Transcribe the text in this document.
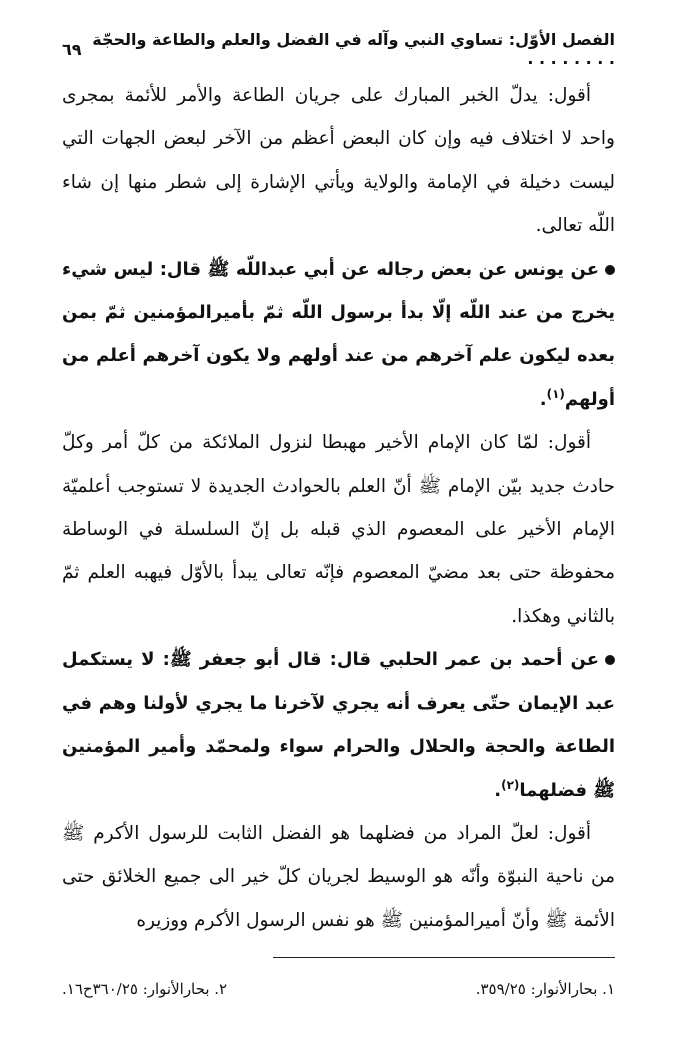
الفصل الأوّل: تساوي النبي وآله في الفضل والعلم والطاعة والحجّة . . . . . . . .
٦٩

أقول: يدلّ الخبر المبارك على جريان الطاعة والأمر للأئمة بمجرى واحد لا اختلاف فيه وإن كان البعض أعظم من الآخر لبعض الجهات التي ليست دخيلة في الإمامة والولاية ويأتي الإشارة إلى شطر منها إن شاء اللّه تعالى.

عن يونس عن بعض رجاله عن أبي عبداللّه ﷺ قال: ليس شيء يخرج من عند اللّه إلّا بدأ برسول اللّه ثمّ بأميرالمؤمنين ثمّ بمن بعده ليكون علم آخرهم من عند أولهم ولا يكون آخرهم أعلم من أولهم$^{(١)}$.

أقول: لمّا كان الإمام الأخير مهبطا لنزول الملائكة من كلّ أمر وكلّ حادث جديد بيّن الإمام ﷺ أنّ العلم بالحوادث الجديدة لا تستوجب أعلميّة الإمام الأخير على المعصوم الذي قبله بل إنّ السلسلة في الوساطة محفوظة حتى بعد مضيّ المعصوم فإنّه تعالى يبدأ بالأوّل فيهبه العلم ثمّ بالثاني وهكذا.

عن أحمد بن عمر الحلبي قال: قال أبو جعفر ﷺ: لا يستكمل عبد الإيمان حتّى يعرف أنه يجري لآخرنا ما يجري لأولنا وهم في الطاعة والحجة والحلال والحرام سواء ولمحمّد وأمير المؤمنين ﷺ فضلهما$^{(٢)}$.

أقول: لعلّ المراد من فضلهما هو الفضل الثابت للرسول الأكرم ﷺ من ناحية النبوّة وأنّه هو الوسيط لجريان كلّ خير الى جميع الخلائق حتى الأئمة ﷺ وأنّ أميرالمؤمنين ﷺ هو نفس الرسول الأكرم ووزيره

١. بحارالأنوار: ٣٥٩/٢٥.
٢. بحارالأنوار: ٣٦٠/٢٥ح١٦.
